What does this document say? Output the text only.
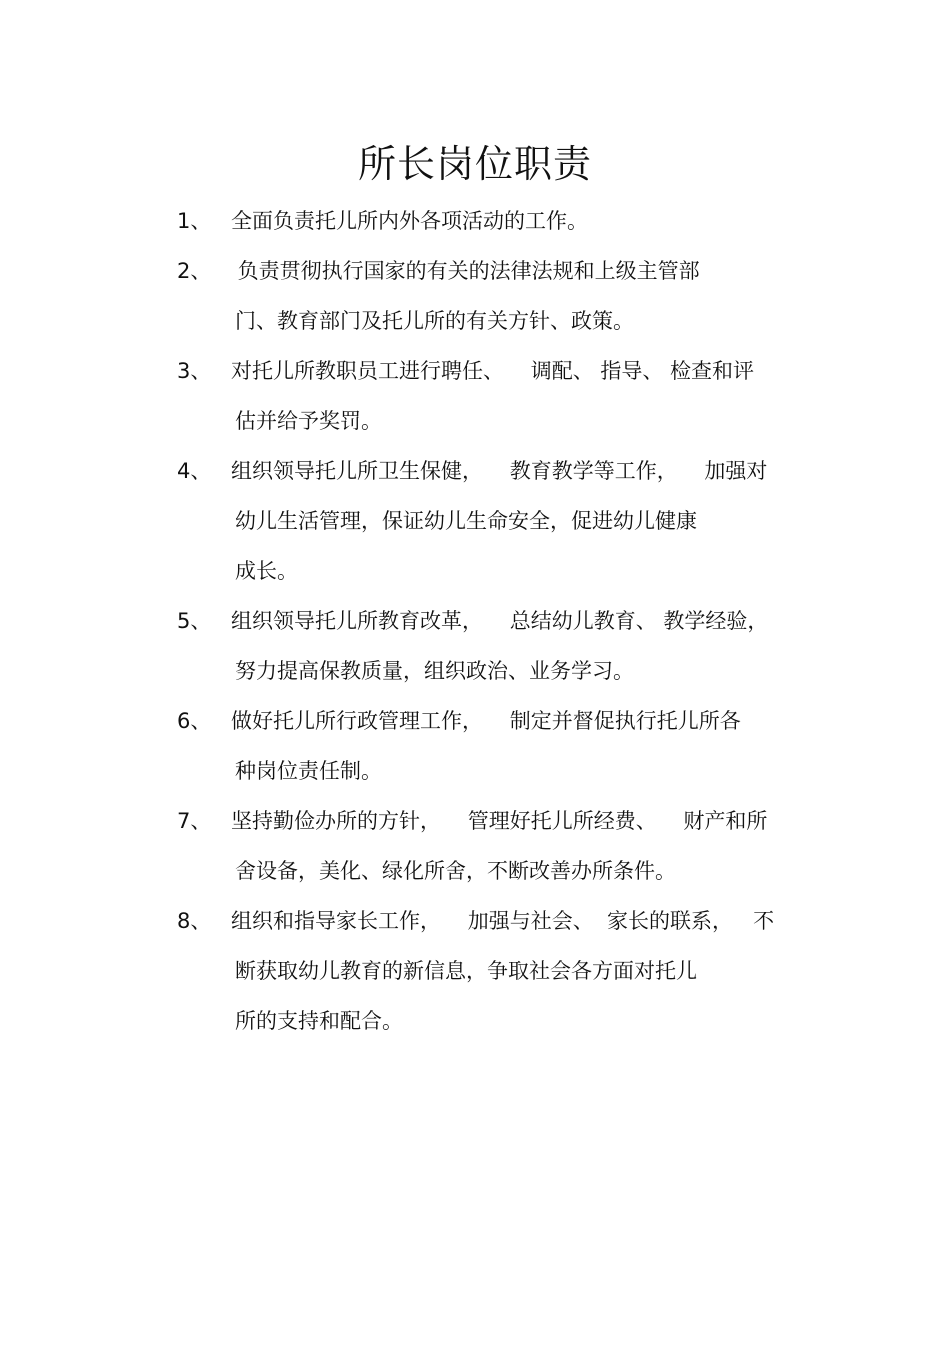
所长岗位职责
1、 全面负责托儿所内外各项活动的工作。
2、 负责贯彻执行国家的有关的法律法规和上级主管部
门、教育部门及托儿所的有关方针、政策。
3、 对托儿所教职员工进行聘任、    调配、 指导、 检查和评
估并给予奖罚。
4、 组织领导托儿所卫生保健，    教育教学等工作，    加强对
幼儿生活管理，保证幼儿生命安全，促进幼儿健康
成长。
5、 组织领导托儿所教育改革，    总结幼儿教育、 教学经验，
努力提高保教质量，组织政治、业务学习。
6、 做好托儿所行政管理工作，    制定并督促执行托儿所各
种岗位责任制。
7、 坚持勤俭办所的方针，    管理好托儿所经费、    财产和所
舍设备，美化、绿化所舍，不断改善办所条件。
8、 组织和指导家长工作，    加强与社会、  家长的联系，   不
断获取幼儿教育的新信息，争取社会各方面对托儿
所的支持和配合。
